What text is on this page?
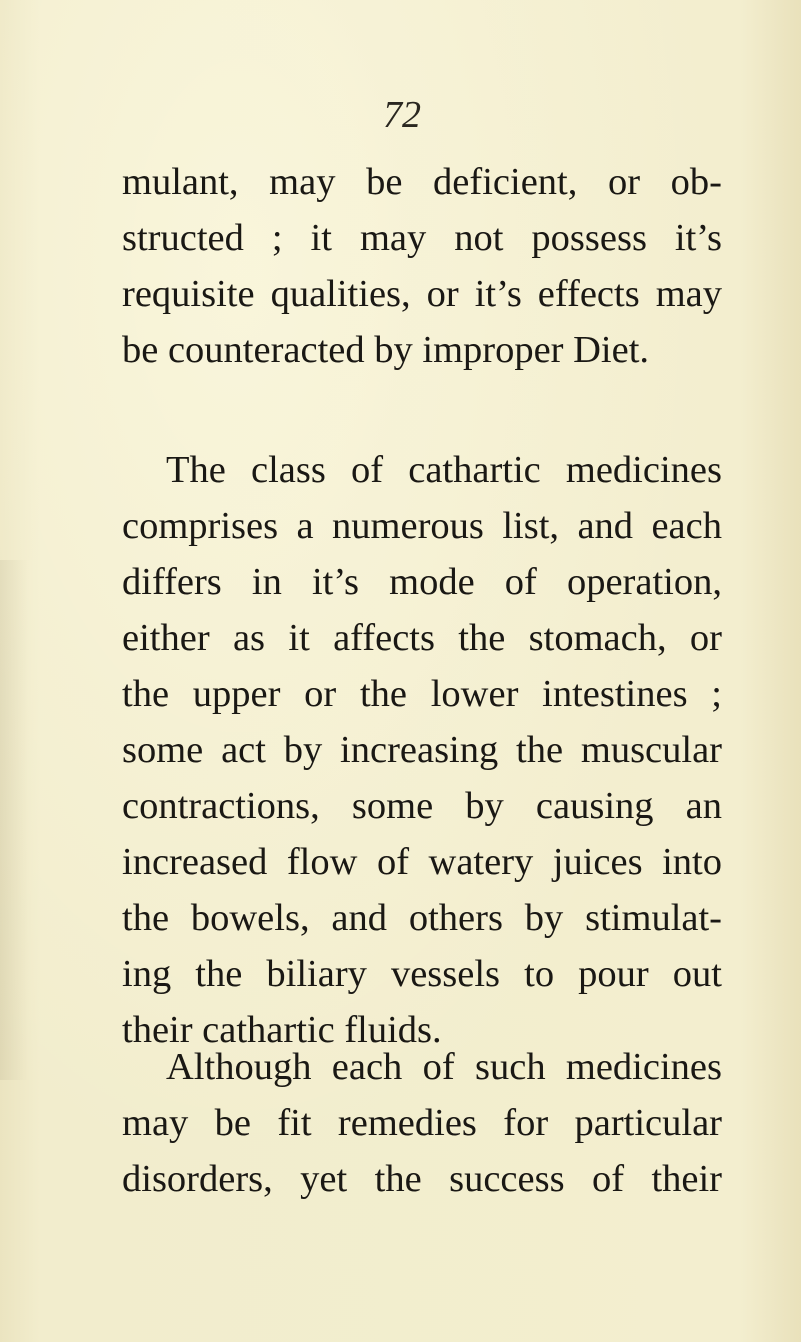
72
mulant, may be deficient, or ob-
structed ; it may not possess it’s
requisite qualities, or it’s effects may
be counteracted by improper Diet.
The class of cathartic medicines
comprises a numerous list, and each
differs in it’s mode of operation,
either as it affects the stomach, or
the upper or the lower intestines ;
some act by increasing the muscular
contractions, some by causing an
increased flow of watery juices into
the bowels, and others by stimulat-
ing the biliary vessels to pour out
their cathartic fluids.
Although each of such medicines
may be fit remedies for particular
disorders, yet the success of their
